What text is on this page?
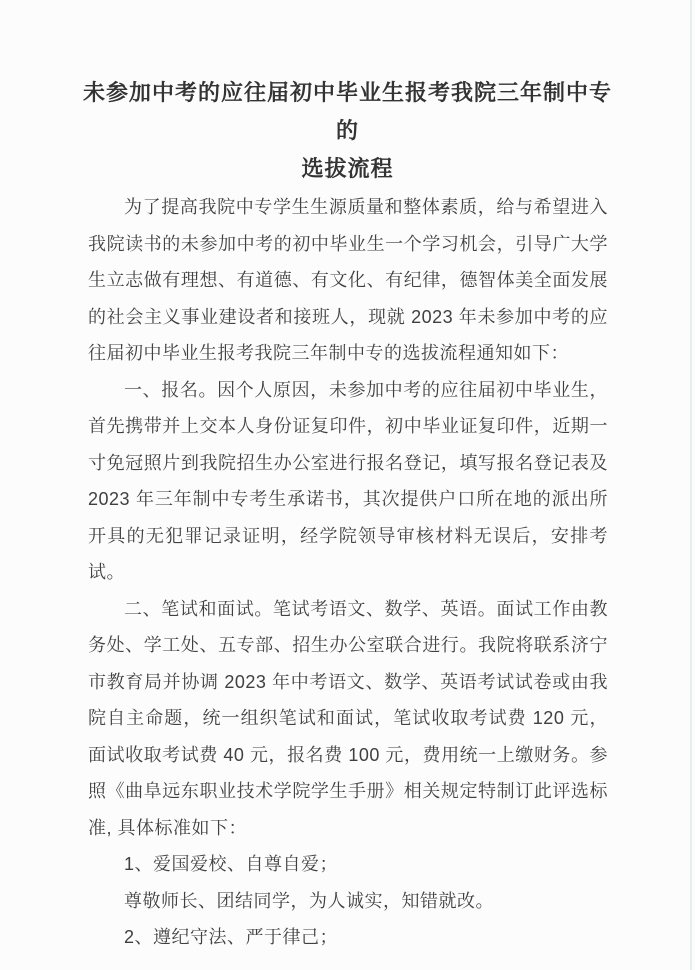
未参加中考的应往届初中毕业生报考我院三年制中专
的
选拔流程

为了提高我院中专学生生源质量和整体素质，给与希望进入我院读书的未参加中考的初中毕业生一个学习机会，引导广大学生立志做有理想、有道德、有文化、有纪律，德智体美全面发展的社会主义事业建设者和接班人，现就 2023 年未参加中考的应往届初中毕业生报考我院三年制中专的选拔流程通知如下：

一、报名。因个人原因，未参加中考的应往届初中毕业生，首先携带并上交本人身份证复印件，初中毕业证复印件，近期一寸免冠照片到我院招生办公室进行报名登记，填写报名登记表及 2023 年三年制中专考生承诺书，其次提供户口所在地的派出所开具的无犯罪记录证明，经学院领导审核材料无误后，安排考试。

二、笔试和面试。笔试考语文、数学、英语。面试工作由教务处、学工处、五专部、招生办公室联合进行。我院将联系济宁市教育局并协调 2023 年中考语文、数学、英语考试试卷或由我院自主命题，统一组织笔试和面试，笔试收取考试费 120 元，面试收取考试费 40 元，报名费 100 元，费用统一上缴财务。参照《曲阜远东职业技术学院学生手册》相关规定特制订此评选标准, 具体标准如下：

1、爱国爱校、自尊自爱；

尊敬师长、团结同学，为人诚实，知错就改。

2、遵纪守法、严于律己；
